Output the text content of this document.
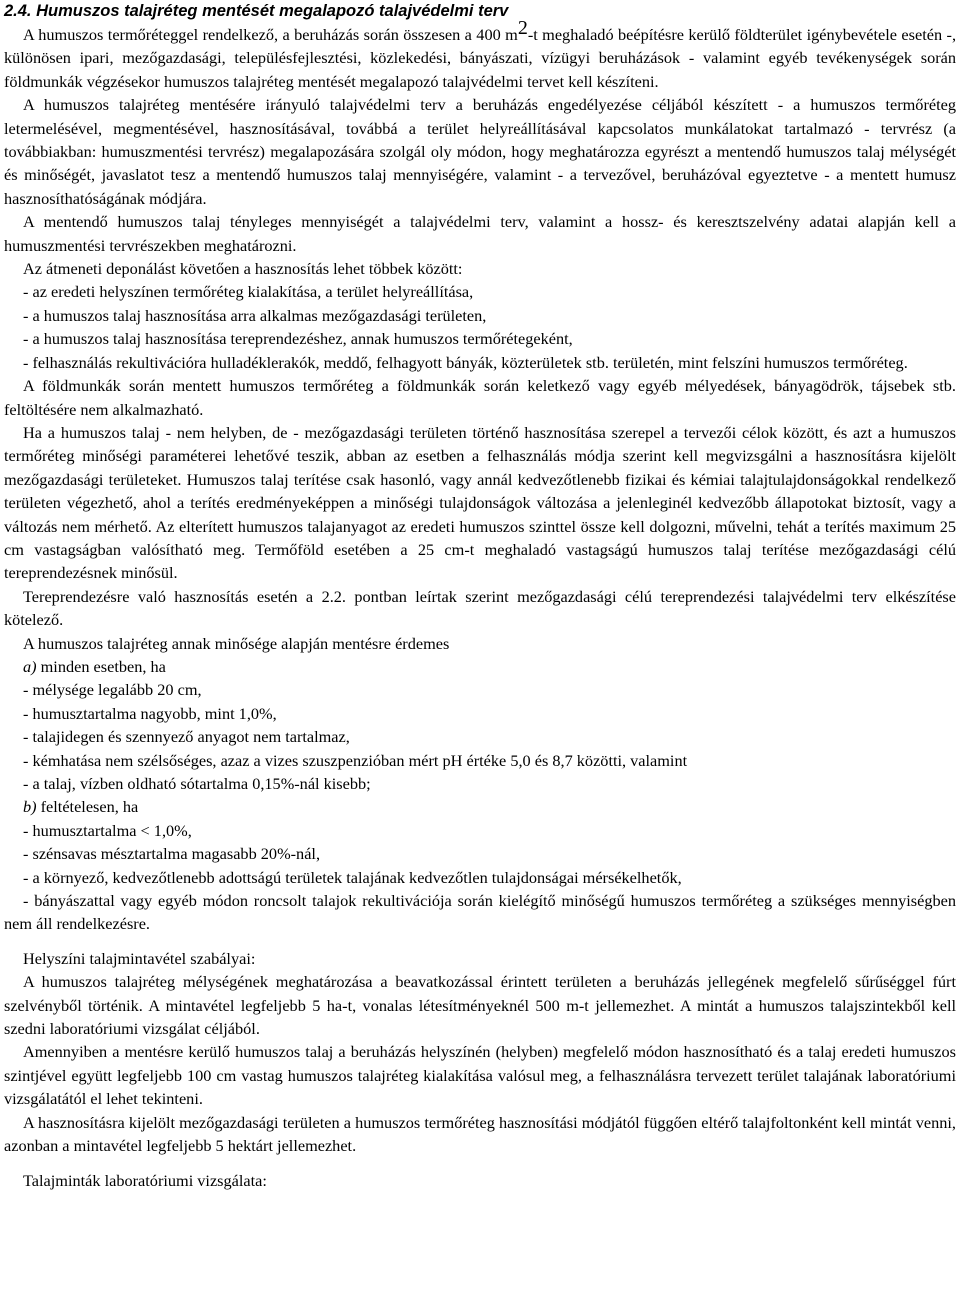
2.4. Humuszos talajréteg mentését megalapozó talajvédelmi terv

A humuszos termőréteggel rendelkező, a beruházás során összesen a 400 $m^2-t$ meghaladó beépítésre kerülő földterület igénybevétele esetén -, különösen ipari, mezőgazdasági, településfejlesztési, közlekedési, bányászati, vízügyi beruházások - valamint egyéb tevékenységek során földmunkák végzésekor humuszos talajréteg mentését megalapozó talajvédelmi tervet kell készíteni.

A humuszos talajréteg mentésére irányuló talajvédelmi terv a beruházás engedélyezése céljából készített - a humuszos termőréteg letermelésével, megmentésével, hasznosításával, továbbá a terület helyreállításával kapcsolatos munkálatokat tartalmazó - tervrész (a továbbiakban: humuszmentési tervrész) megalapozására szolgál oly módon, hogy meghatározza egyrészt a mentendő humuszos talaj mélységét és minőségét, javaslatot tesz a mentendő humuszos talaj mennyiségére, valamint - a tervezővel, beruházóval egyeztetve - a mentett humusz hasznosíthatóságának módjára.

A mentendő humuszos talaj tényleges mennyiségét a talajvédelmi terv, valamint a hossz- és keresztszelvény adatai alapján kell a humuszmentési tervrészekben meghatározni.

Az átmeneti deponálást követően a hasznosítás lehet többek között:

- az eredeti helyszínen termőréteg kialakítása, a terület helyreállítása,

- a humuszos talaj hasznosítása arra alkalmas mezőgazdasági területen,

- a humuszos talaj hasznosítása tereprendezéshez, annak humuszos termőrétegeként,

- felhasználás rekultivációra hulladéklerakók, meddő, felhagyott bányák, közterületek stb. területén, mint felszíni humuszos termőréteg.

A földmunkák során mentett humuszos termőréteg a földmunkák során keletkező vagy egyéb mélyedések, bányagödrök, tájsebek stb. feltöltésére nem alkalmazható.

Ha a humuszos talaj - nem helyben, de - mezőgazdasági területen történő hasznosítása szerepel a tervezői célok között, és azt a humuszos termőréteg minőségi paraméterei lehetővé teszik, abban az esetben a felhasználás módja szerint kell megvizsgálni a hasznosításra kijelölt mezőgazdasági területeket. Humuszos talaj terítése csak hasonló, vagy annál kedvezőtlenebb fizikai és kémiai talajtulajdonságokkal rendelkező területen végezhető, ahol a terítés eredményeképpen a minőségi tulajdonságok változása a jelenleginél kedvezőbb állapotokat biztosít, vagy a változás nem mérhető. Az elterített humuszos talajanyagot az eredeti humuszos szinttel össze kell dolgozni, művelni, tehát a terítés maximum 25 cm vastagságban valósítható meg. Termőföld esetében a 25 cm-t meghaladó vastagságú humuszos talaj terítése mezőgazdasági célú tereprendezésnek minősül.

Tereprendezésre való hasznosítás esetén a 2.2. pontban leírtak szerint mezőgazdasági célú tereprendezési talajvédelmi terv elkészítése kötelező.

A humuszos talajréteg annak minősége alapján mentésre érdemes

a) minden esetben, ha

- mélysége legalább 20 cm,

- humusztartalma nagyobb, mint 1,0%,

- talajidegen és szennyező anyagot nem tartalmaz,

- kémhatása nem szélsőséges, azaz a vizes szuszpenzióban mért pH értéke 5,0 és 8,7 közötti, valamint

- a talaj, vízben oldható sótartalma 0,15%-nál kisebb;

b) feltételesen, ha

- humusztartalma < 1,0%,

- szénsavas mésztartalma magasabb 20%-nál,

- a környező, kedvezőtlenebb adottságú területek talajának kedvezőtlen tulajdonságai mérsékelhetők,

- bányászattal vagy egyéb módon roncsolt talajok rekultivációja során kielégítő minőségű humuszos termőréteg a szükséges mennyiségben nem áll rendelkezésre.

Helyszíni talajmintavétel szabályai:

A humuszos talajréteg mélységének meghatározása a beavatkozással érintett területen a beruházás jellegének megfelelő sűrűséggel fúrt szelvényből történik. A mintavétel legfeljebb 5 ha-t, vonalas létesítményeknél 500 m-t jellemezhet. A mintát a humuszos talajszintekből kell szedni laboratóriumi vizsgálat céljából.

Amennyiben a mentésre kerülő humuszos talaj a beruházás helyszínén (helyben) megfelelő módon hasznosítható és a talaj eredeti humuszos szintjével együtt legfeljebb 100 cm vastag humuszos talajréteg kialakítása valósul meg, a felhasználásra tervezett terület talajának laboratóriumi vizsgálatától el lehet tekinteni.

A hasznosításra kijelölt mezőgazdasági területen a humuszos termőréteg hasznosítási módjától függően eltérő talajfoltonként kell mintát venni, azonban a mintavétel legfeljebb 5 hektárt jellemezhet.

Talajminták laboratóriumi vizsgálata:
